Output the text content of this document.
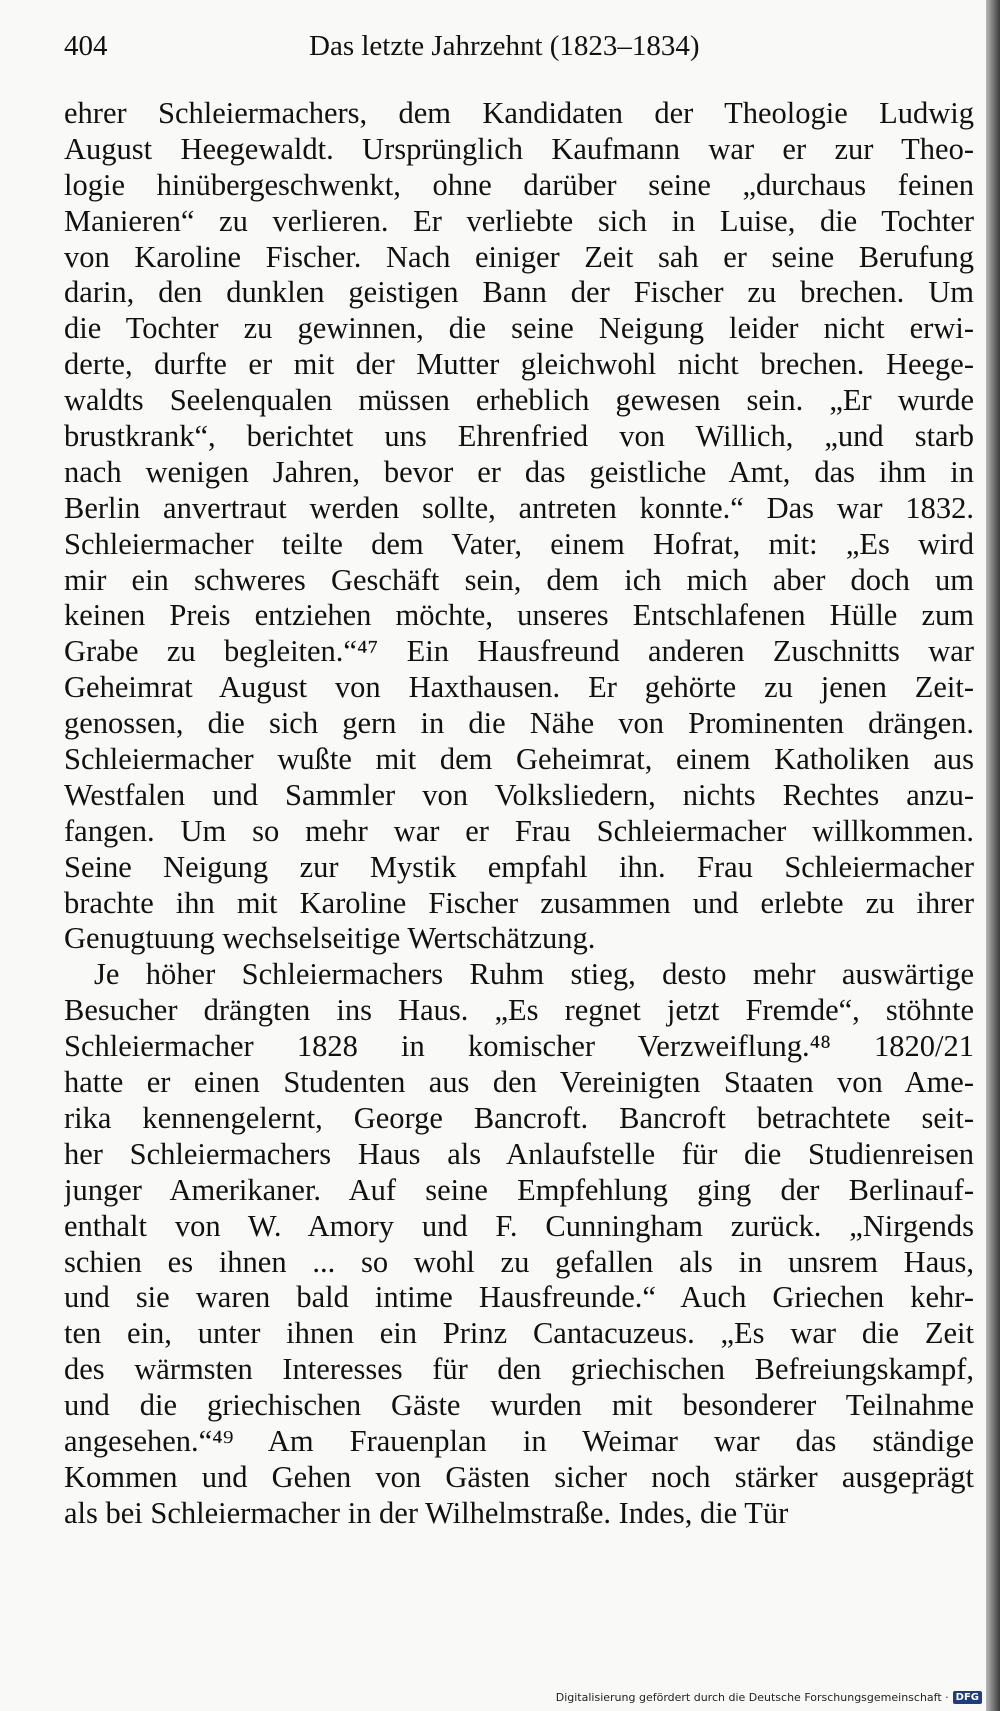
404	Das letzte Jahrzehnt (1823–1834)
ehrer Schleiermachers, dem Kandidaten der Theologie Ludwig
August Heegewaldt. Ursprünglich Kaufmann war er zur Theo-
logie hinübergeschwenkt, ohne darüber seine „durchaus feinen
Manieren“ zu verlieren. Er verliebte sich in Luise, die Tochter
von Karoline Fischer. Nach einiger Zeit sah er seine Berufung
darin, den dunklen geistigen Bann der Fischer zu brechen. Um
die Tochter zu gewinnen, die seine Neigung leider nicht erwi-
derte, durfte er mit der Mutter gleichwohl nicht brechen. Heege-
waldts Seelenqualen müssen erheblich gewesen sein. „Er wurde
brustkrank“, berichtet uns Ehrenfried von Willich, „und starb
nach wenigen Jahren, bevor er das geistliche Amt, das ihm in
Berlin anvertraut werden sollte, antreten konnte.“ Das war 1832.
Schleiermacher teilte dem Vater, einem Hofrat, mit: „Es wird
mir ein schweres Geschäft sein, dem ich mich aber doch um
keinen Preis entziehen möchte, unseres Entschlafenen Hülle zum
Grabe zu begleiten.“⁴⁷ Ein Hausfreund anderen Zuschnitts war
Geheimrat August von Haxthausen. Er gehörte zu jenen Zeit-
genossen, die sich gern in die Nähe von Prominenten drängen.
Schleiermacher wußte mit dem Geheimrat, einem Katholiken aus
Westfalen und Sammler von Volksliedern, nichts Rechtes anzu-
fangen. Um so mehr war er Frau Schleiermacher willkommen.
Seine Neigung zur Mystik empfahl ihn. Frau Schleiermacher
brachte ihn mit Karoline Fischer zusammen und erlebte zu ihrer
Genugtuung wechselseitige Wertschätzung.
Je höher Schleiermachers Ruhm stieg, desto mehr auswärtige
Besucher drängten ins Haus. „Es regnet jetzt Fremde“, stöhnte
Schleiermacher 1828 in komischer Verzweiflung.⁴⁸ 1820/21
hatte er einen Studenten aus den Vereinigten Staaten von Ame-
rika kennengelernt, George Bancroft. Bancroft betrachtete seit-
her Schleiermachers Haus als Anlaufstelle für die Studienreisen
junger Amerikaner. Auf seine Empfehlung ging der Berlinauf-
enthalt von W. Amory und F. Cunningham zurück. „Nirgends
schien es ihnen ... so wohl zu gefallen als in unsrem Haus,
und sie waren bald intime Hausfreunde.“ Auch Griechen kehr-
ten ein, unter ihnen ein Prinz Cantacuzeus. „Es war die Zeit
des wärmsten Interesses für den griechischen Befreiungskampf,
und die griechischen Gäste wurden mit besonderer Teilnahme
angesehen.“⁴⁹ Am Frauenplan in Weimar war das ständige
Kommen und Gehen von Gästen sicher noch stärker ausgeprägt
als bei Schleiermacher in der Wilhelmstraße. Indes, die Tür
Digitalisierung gefördert durch die Deutsche Forschungsgemeinschaft · DFG
